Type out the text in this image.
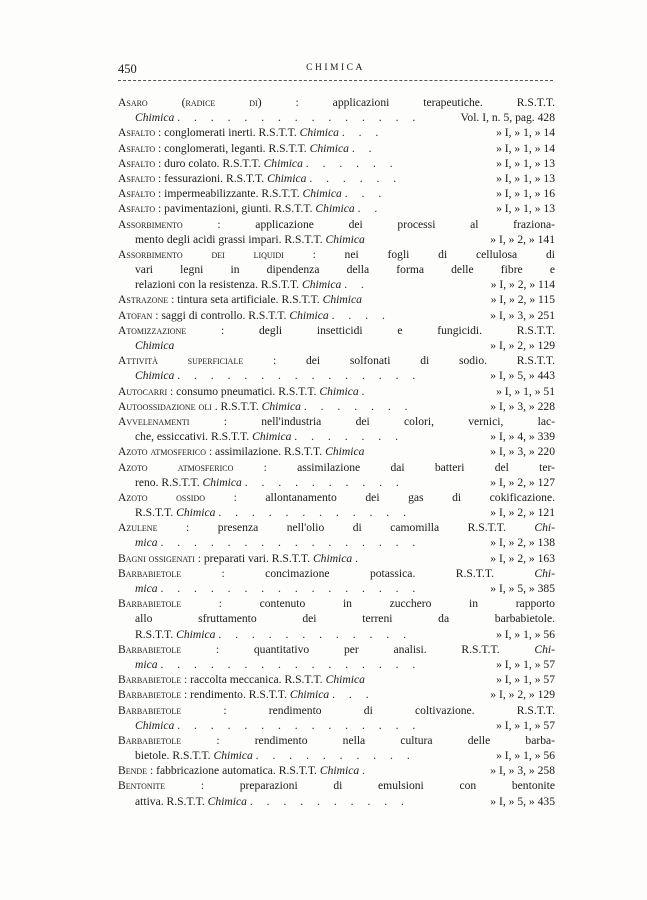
450	CHIMICA
Asaro (radice di)	: applicazioni terapeutiche. R.S.T.T.
Chimica . . . . . . . . . . . . . . .	Vol. I, n. 5, pag. 428
Asfalto : conglomerati inerti. R.S.T.T. Chimica . . .	» I, » 1, » 14
Asfalto : conglomerati, leganti. R.S.T.T. Chimica . .	» I, » 1, » 14
Asfalto : duro colato. R.S.T.T. Chimica . . . . . .	» I, » 1, » 13
Asfalto : fessurazioni. R.S.T.T. Chimica . . . . . .	» I, » 1, » 13
Asfalto : impermeabilizzante. R.S.T.T. Chimica . . .	» I, » 1, » 16
Asfalto : pavimentazioni, giunti. R.S.T.T. Chimica . .	» I, » 1, » 13
Assorbimento	: applicazione dei processi al fraziona-
mento degli acidi grassi impari. R.S.T.T. Chimica	» I, » 2, » 141
Assorbimento dei liquidi : nei fogli di cellulosa di
vari legni in dipendenza della forma delle fibre e
relazioni con la resistenza. R.S.T.T. Chimica . .	» I, » 2, » 114
Astrazone : tintura seta artificiale. R.S.T.T. Chimica	» I, » 2, » 115
Atofan : saggi di controllo. R.S.T.T. Chimica . . . .	» I, » 3, » 251
Atomizzazione	: degli insetticidi e fungicidi. R.S.T.T.
Chimica	» I, » 2, » 129
Attività superficiale	: dei solfonati di sodio. R.S.T.T.
Chimica . . . . . . . . . . . . . . .	» I, » 5, » 443
Autocarri : consumo pneumatici. R.S.T.T. Chimica .	» I, » 1, » 51
Autoossidazione oli . R.S.T.T. Chimica . . . . . . .	» I, » 3, » 228
Avvelenamenti	: nell'industria dei colori, vernici, lac-
che, essiccativi. R.S.T.T. Chimica . . . . . . .	» I, » 4, » 339
Azoto atmosferico : assimilazione. R.S.T.T. Chimica	» I, » 3, » 220
Azoto atmosferico	: assimilazione dai batteri del ter-
reno. R.S.T.T. Chimica . . . . . . . . . .	» I, » 2, » 127
Azoto ossido : allontanamento dei gas di cokificazione.
R.S.T.T. Chimica . . . . . . . . . . . .	» I, » 2, » 121
Azulene : presenza nell'olio di camomilla R.S.T.T. Chi-
mica . . . . . . . . . . . . . . . .	» I, » 2, » 138
Bagni ossigenati : preparati vari. R.S.T.T. Chimica .	» I, » 2, » 163
Barbabietole	: concimazione potassica. R.S.T.T.	Chi-
mica . . . . . . . . . . . . . . . .	» I, » 5, » 385
Barbabietole	: contenuto in zucchero in rapporto
allo sfruttamento dei terreni da barbabietole.
R.S.T.T. Chimica . . . . . . . . . . . .	» I, » 1, » 56
Barbabietole	: quantitativo per analisi. R.S.T.T.	Chi-
mica . . . . . . . . . . . . . . . .	» I, » 1, » 57
Barbabietole : raccolta meccanica. R.S.T.T. Chimica	» I, » 1, » 57
Barbabietole : rendimento. R.S.T.T. Chimica . . .	» I, » 2, » 129
Barbabietole	: rendimento di coltivazione. R.S.T.T.
Chimica . . . . . . . . . . . . . . .	» I, » 1, » 57
Barbabietole	: rendimento nella cultura delle barba-
bietole. R.S.T.T. Chimica . . . . . . . . . .	» I, » 1, » 56
Bende : fabbricazione automatica. R.S.T.T. Chimica .	» I, » 3, » 258
Bentonite	: preparazioni di emulsioni con bentonite
attiva. R.S.T.T. Chimica . . . . . . . . . .	» I, » 5, » 435
